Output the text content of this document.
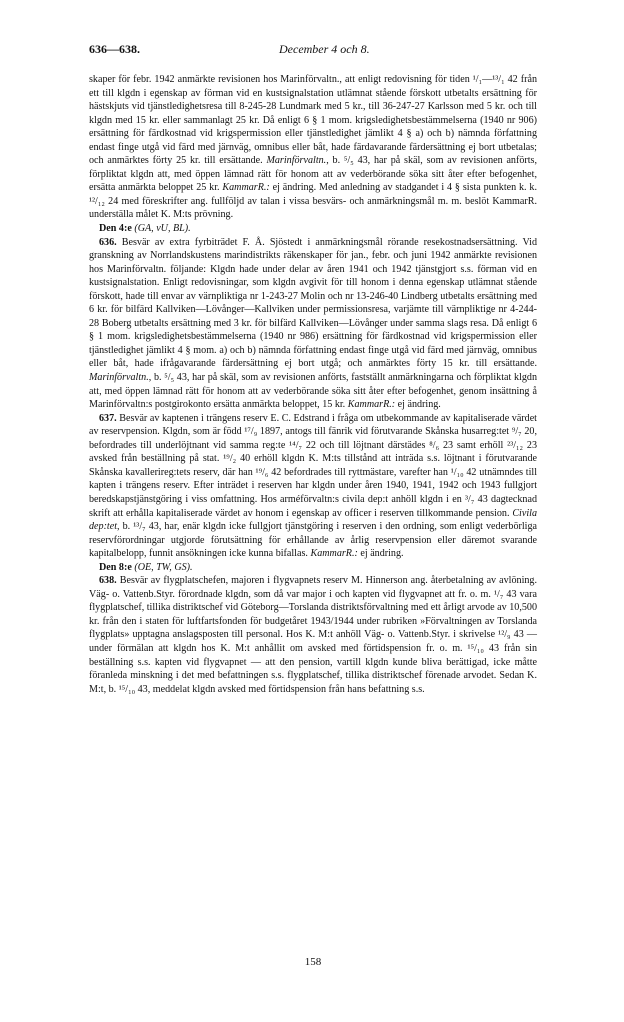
636—638.	December 4 och 8.

skaper för febr. 1942 anmärkte revisionen hos Marinförvaltn., att enligt redovisning för tiden ¹/₁—¹³/₁ 42 från ett till klgdn i egenskap av förman vid en kustsignalstation utlämnat stående förskott utbetalts ersättning för hästskjuts vid tjänstledighetsresa till 8-245-28 Lundmark med 5 kr., till 36-247-27 Karlsson med 5 kr. och till klgdn med 15 kr. eller sammanlagt 25 kr. Då enligt 6 § 1 mom. krigsledighetsbestämmelserna (1940 nr 906) ersättning för färdkostnad vid krigspermission eller tjänstledighet jämlikt 4 § a) och b) nämnda författning endast finge utgå vid färd med järnväg, omnibus eller båt, hade färdavarande färdersättning ej bort utbetalas; och anmärktes förty 25 kr. till ersättande. Marinförvaltn., b. ⁵/₅ 43, har på skäl, som av revisionen anförts, förpliktat klgdn att, med öppen lämnad rätt för honom att av vederbörande söka sitt åter efter befogenhet, ersätta anmärkta beloppet 25 kr. KammarR.: ej ändring. Med anledning av stadgandet i 4 § sista punkten k. k. ¹²/₁₂ 24 med föreskrifter ang. fullföljd av talan i vissa besvärs- och anmärkningsmål m. m. beslöt KammarR. underställa målet K. M:ts prövning.

Den 4:e (GA, vU, BL).

636. Besvär av extra fyrbiträdet F. Å. Sjöstedt i anmärkningsmål rörande resekostnadsersättning. Vid granskning av Norrlandskustens marindistrikts räkenskaper för jan., febr. och juni 1942 anmärkte revisionen hos Marinförvaltn. följande: Klgdn hade under delar av åren 1941 och 1942 tjänstgjort s.s. förman vid en kustsignalstation. Enligt redovisningar, som klgdn avgivit för till honom i denna egenskap utlämnat stående förskott, hade till envar av värnpliktiga nr 1-243-27 Molin och nr 13-246-40 Lindberg utbetalts ersättning med 6 kr. för bilfärd Kallviken—Lövånger—Kallviken under permissionsresa, varjämte till värnpliktige nr 4-244-28 Boberg utbetalts ersättning med 3 kr. för bilfärd Kallviken—Lövånger under samma slags resa. Då enligt 6 § 1 mom. krigsledighetsbestämmelserna (1940 nr 986) ersättning för färdkostnad vid krigspermission eller tjänstledighet jämlikt 4 § mom. a) och b) nämnda författning endast finge utgå vid färd med järnväg, omnibus eller båt, hade ifrågavarande färdersättning ej bort utgå; och anmärktes förty 15 kr. till ersättande. Marinförvaltn., b. ⁵/₅ 43, har på skäl, som av revisionen anförts, fastställt anmärkningarna och förpliktat klgdn att, med öppen lämnad rätt för honom att av vederbörande söka sitt åter efter befogenhet, genom insättning å Marinförvaltn:s postgirokonto ersätta anmärkta beloppet, 15 kr. KammarR.: ej ändring.

637. Besvär av kaptenen i trängens reserv E. C. Edstrand i fråga om utbekommande av kapitaliserade värdet av reservpension. Klgdn, som är född ¹⁷/₉ 1897, antogs till fänrik vid förutvarande Skånska husarreg:tet ⁹/₇ 20, befordrades till underlöjtnant vid samma reg:te ¹⁴/₇ 22 och till löjtnant därstädes ⁸/₆ 23 samt erhöll ²³/₁₂ 23 avsked från beställning på stat. ¹⁹/₂ 40 erhöll klgdn K. M:ts tillstånd att inträda s.s. löjtnant i förutvarande Skånska kavallerireg:tets reserv, där han ¹⁹/₆ 42 befordrades till ryttmästare, varefter han ¹/₁₀ 42 utnämndes till kapten i trängens reserv. Efter inträdet i reserven har klgdn under åren 1940, 1941, 1942 och 1943 fullgjort beredskapstjänstgöring i viss omfattning. Hos arméförvaltn:s civila dep:t anhöll klgdn i en ³/₇ 43 dagtecknad skrift att erhålla kapitaliserade värdet av honom i egenskap av officer i reserven tillkommande pension. Civila dep:tet, b. ¹³/₇ 43, har, enär klgdn icke fullgjort tjänstgöring i reserven i den ordning, som enligt vederbörliga reservförordningar utgjorde förutsättning för erhållande av årlig reservpension eller däremot svarande kapitalbelopp, funnit ansökningen icke kunna bifallas. KammarR.: ej ändring.

Den 8:e (OE, TW, GS).

638. Besvär av flygplatschefen, majoren i flygvapnets reserv M. Hinnerson ang. återbetalning av avlöning. Väg- o. Vattenb.Styr. förordnade klgdn, som då var major i och kapten vid flygvapnet att fr. o. m. ¹/₇ 43 vara flygplatschef, tillika distriktschef vid Göteborg—Torslanda distriktsförvaltning med ett årligt arvode av 10,500 kr. från den i staten för luftfartsfonden för budgetåret 1943/1944 under rubriken »Förvaltningen av Torslanda flygplats» upptagna anslagsposten till personal. Hos K. M:t anhöll Väg- o. Vattenb.Styr. i skrivelse ¹²/₉ 43 — under förmälan att klgdn hos K. M:t anhållit om avsked med förtidspension fr. o. m. ¹⁵/₁₀ 43 från sin beställning s.s. kapten vid flygvapnet — att den pension, vartill klgdn kunde bliva berättigad, icke måtte föranleda minskning i det med befattningen s.s. flygplatschef, tillika distriktschef förenade arvodet. Sedan K. M:t, b. ¹⁵/₁₀ 43, meddelat klgdn avsked med förtidspension från hans befattning s.s.

158
